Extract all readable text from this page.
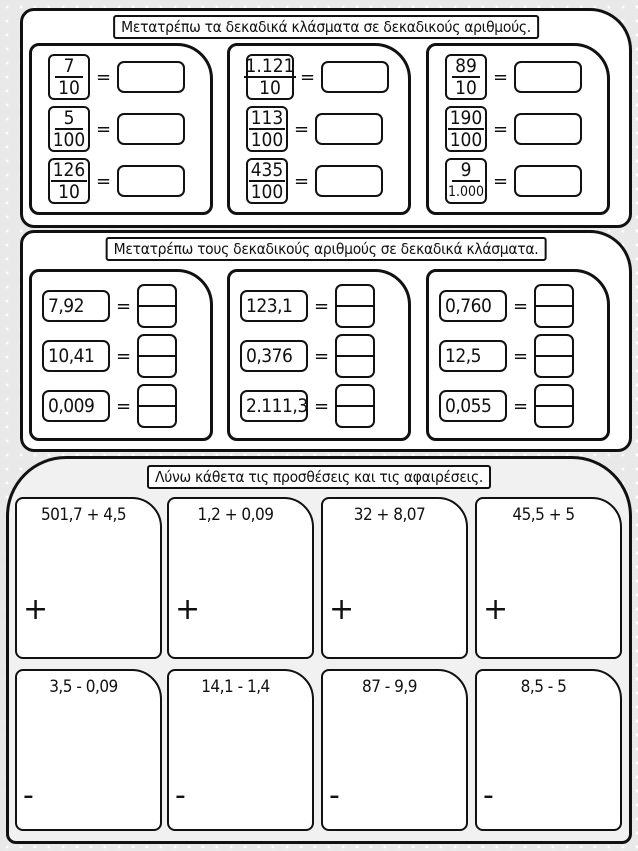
Μετατρέπω τα δεκαδικά κλάσματα σε δεκαδικούς αριθμούς.
$\frac{7}{10}$ =
$\frac{5}{100}$ =
$\frac{126}{10}$ =
$\frac{1.121}{10}$ =
$\frac{113}{100}$ =
$\frac{435}{100}$ =
$\frac{89}{10}$ =
$\frac{190}{100}$ =
$\frac{9}{1.000}$ =
Μετατρέπω τους δεκαδικούς αριθμούς σε δεκαδικά κλάσματα.
7,92	=
10,41	=
0,009	=
123,1	=
0,376	=
2.111,3 =
0,760	=
12,5	=
0,055	=
Λύνω κάθετα τις προσθέσεις και τις αφαιρέσεις.
501,7 + 4,5
+
1,2 + 0,09
+
32 + 8,07
+
45,5 + 5
+
3,5 - 0,09
-
14,1 - 1,4
-
87 - 9,9
-
8,5 - 5
-
